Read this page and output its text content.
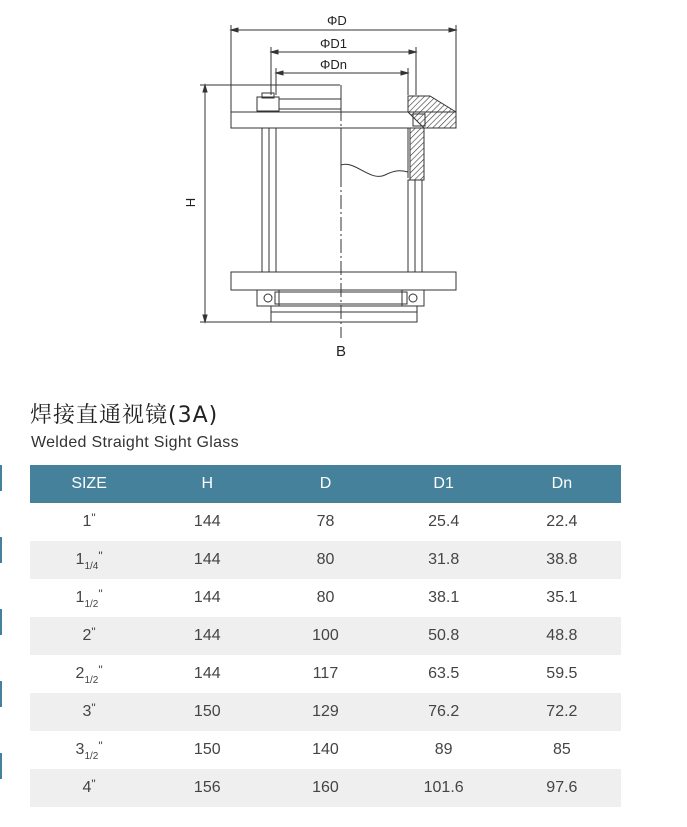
ΦD
ΦD1
ΦDn
H
B
焊接直通视镜(3A)
Welded Straight Sight Glass
SIZE	H	D	D1	Dn
1"	144	78	25.4	22.4
$1_{1/4}^"$	144	80	31.8	38.8
$1_{1/2}^"$	144	80	38.1	35.1
2"	144	100	50.8	48.8
$2_{1/2}^"$	144	117	63.5	59.5
3"	150	129	76.2	72.2
$3_{1/2}^"$	150	140	89	85
4"	156	160	101.6	97.6
